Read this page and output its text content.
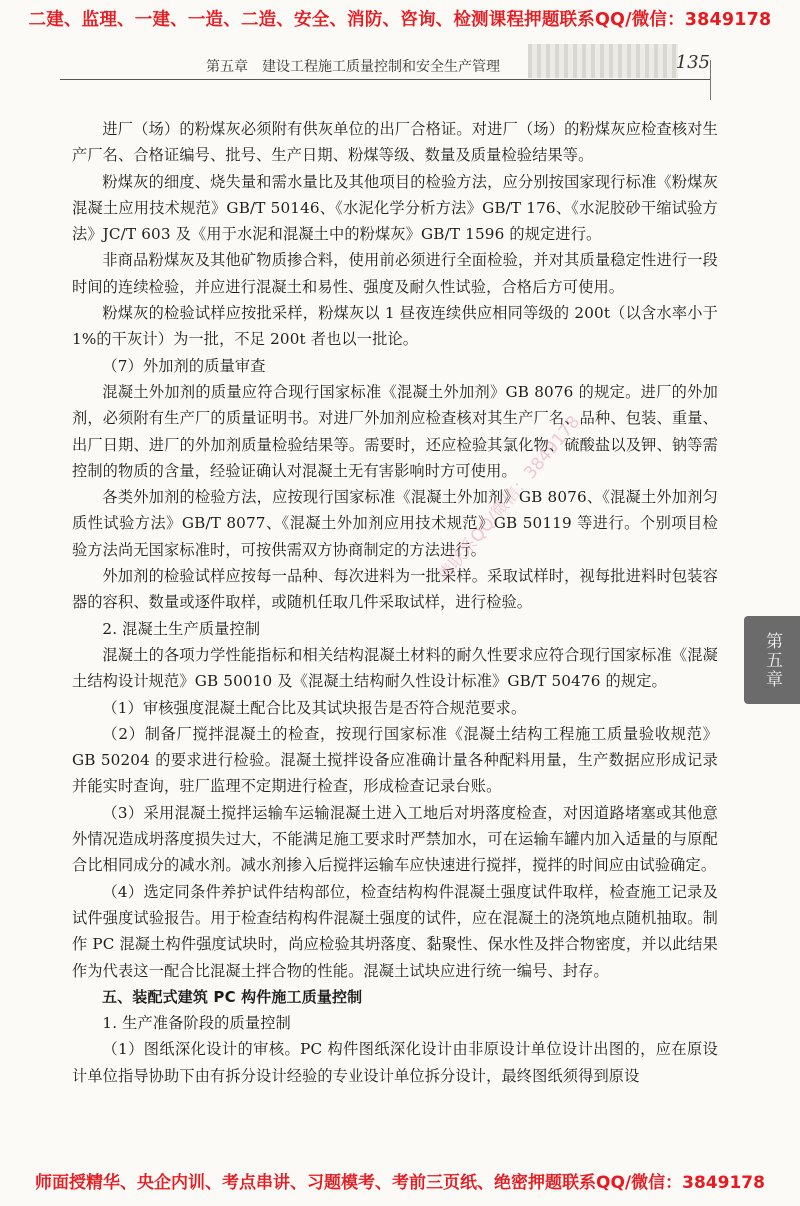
二建、监理、一建、一造、二造、安全、消防、咨询、检测课程押题联系QQ/微信：3849178
第五章　建设工程施工质量控制和安全生产管理	135

进厂（场）的粉煤灰必须附有供灰单位的出厂合格证。对进厂（场）的粉煤灰应检查核对生产厂名、合格证编号、批号、生产日期、粉煤等级、数量及质量检验结果等。

粉煤灰的细度、烧失量和需水量比及其他项目的检验方法，应分别按国家现行标准《粉煤灰混凝土应用技术规范》GB/T 50146、《水泥化学分析方法》GB/T 176、《水泥胶砂干缩试验方法》JC/T 603 及《用于水泥和混凝土中的粉煤灰》GB/T 1596 的规定进行。

非商品粉煤灰及其他矿物质掺合料，使用前必须进行全面检验，并对其质量稳定性进行一段时间的连续检验，并应进行混凝土和易性、强度及耐久性试验，合格后方可使用。

粉煤灰的检验试样应按批采样，粉煤灰以 1 昼夜连续供应相同等级的 200t（以含水率小于 1%的干灰计）为一批，不足 200t 者也以一批论。

（7）外加剂的质量审查

混凝土外加剂的质量应符合现行国家标准《混凝土外加剂》GB 8076 的规定。进厂的外加剂，必须附有生产厂的质量证明书。对进厂外加剂应检查核对其生产厂名、品种、包装、重量、出厂日期、进厂的外加剂质量检验结果等。需要时，还应检验其氯化物、硫酸盐以及钾、钠等需控制的物质的含量，经验证确认对混凝土无有害影响时方可使用。

各类外加剂的检验方法，应按现行国家标准《混凝土外加剂》GB 8076、《混凝土外加剂匀质性试验方法》GB/T 8077、《混凝土外加剂应用技术规范》GB 50119 等进行。个别项目检验方法尚无国家标准时，可按供需双方协商制定的方法进行。

外加剂的检验试样应按每一品种、每次进料为一批采样。采取试样时，视每批进料时包装容器的容积、数量或逐件取样，或随机任取几件采取试样，进行检验。

2. 混凝土生产质量控制

混凝土的各项力学性能指标和相关结构混凝土材料的耐久性要求应符合现行国家标准《混凝土结构设计规范》GB 50010 及《混凝土结构耐久性设计标准》GB/T 50476 的规定。

（1）审核强度混凝土配合比及其试块报告是否符合规范要求。

（2）制备厂搅拌混凝土的检查，按现行国家标准《混凝土结构工程施工质量验收规范》GB 50204 的要求进行检验。混凝土搅拌设备应准确计量各种配料用量，生产数据应形成记录并能实时查询，驻厂监理不定期进行检查，形成检查记录台账。

（3）采用混凝土搅拌运输车运输混凝土进入工地后对坍落度检查，对因道路堵塞或其他意外情况造成坍落度损失过大，不能满足施工要求时严禁加水，可在运输车罐内加入适量的与原配合比相同成分的减水剂。减水剂掺入后搅拌运输车应快速进行搅拌，搅拌的时间应由试验确定。

（4）选定同条件养护试件结构部位，检查结构构件混凝土强度试件取样，检查施工记录及试件强度试验报告。用于检查结构构件混凝土强度的试件，应在混凝土的浇筑地点随机抽取。制作 PC 混凝土构件强度试块时，尚应检验其坍落度、黏聚性、保水性及拌合物密度，并以此结果作为代表这一配合比混凝土拌合物的性能。混凝土试块应进行统一编号、封存。

五、装配式建筑 PC 构件施工质量控制

1. 生产准备阶段的质量控制

（1）图纸深化设计的审核。PC 构件图纸深化设计由非原设计单位设计出图的，应在原设计单位指导协助下由有拆分设计经验的专业设计单位拆分设计，最终图纸须得到原设

第五章
请联系QQ/微信：3849178
师面授精华、央企内训、考点串讲、习题模考、考前三页纸、绝密押题联系QQ/微信：3849178
